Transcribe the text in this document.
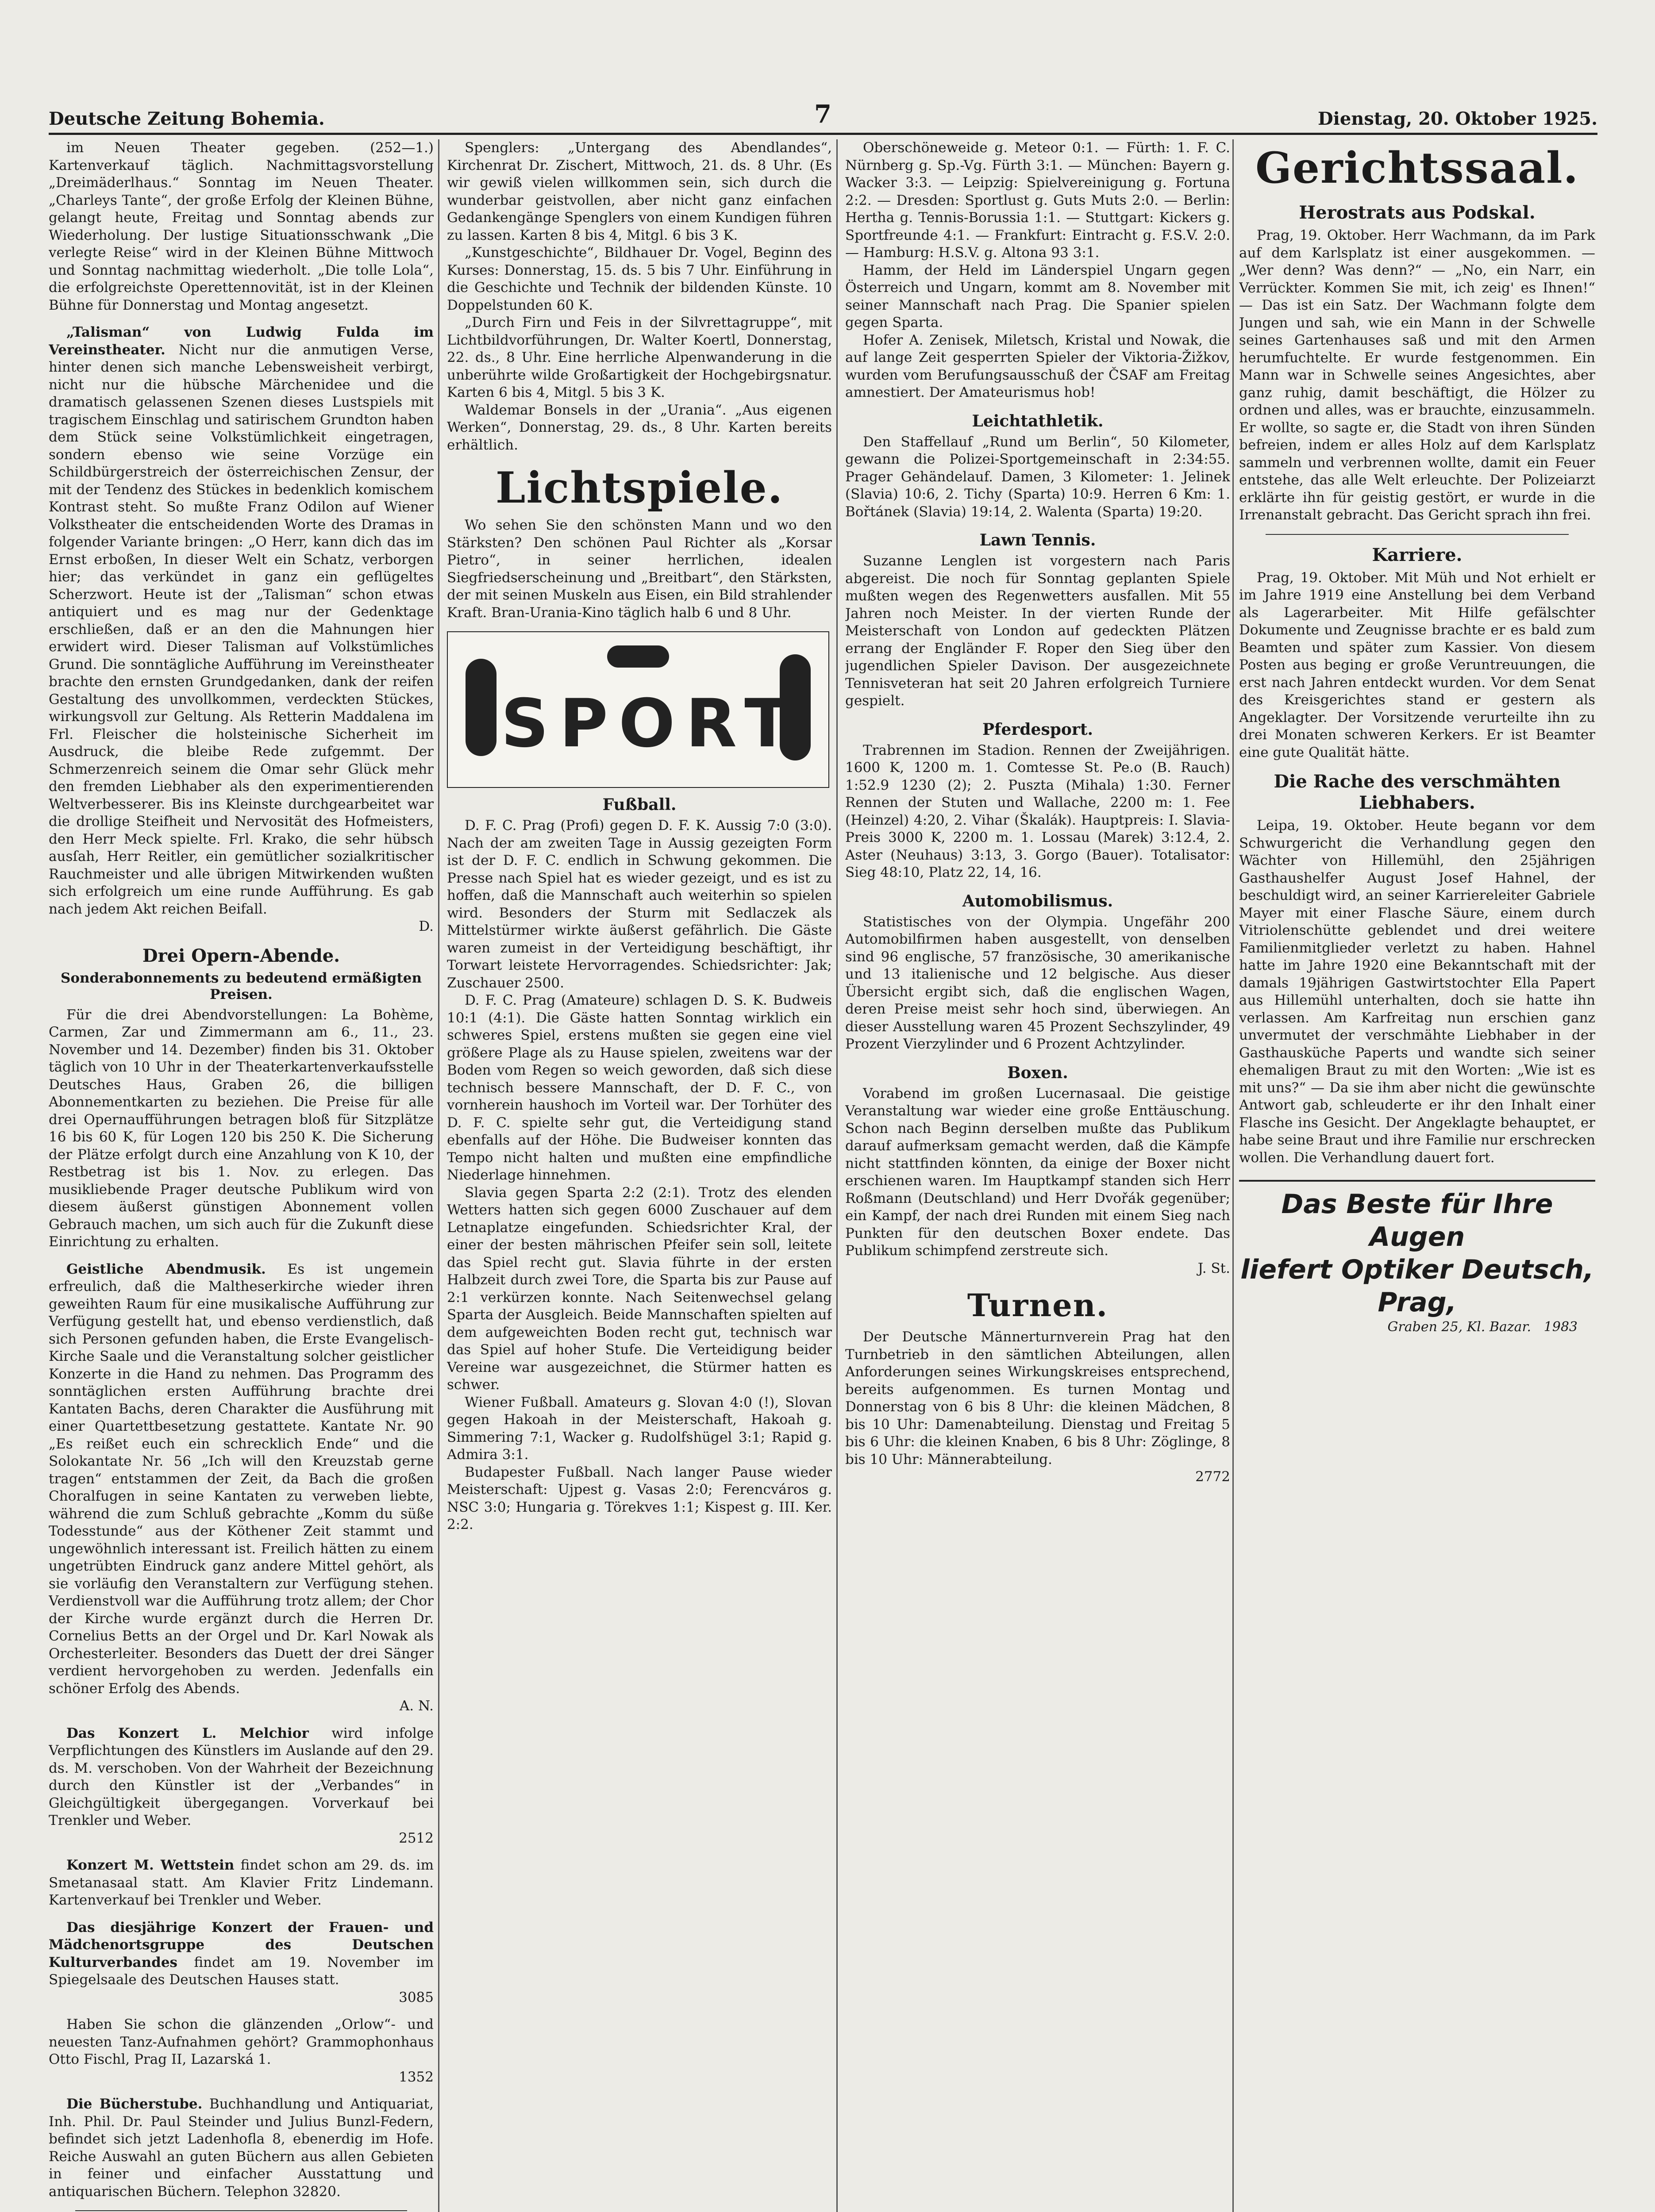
Deutsche Zeitung Bohemia.	7	Dienstag, 20. Oktober 1925.

im Neuen Theater gegeben. (252—1.) Kartenverkauf täglich. Nachmittagsvorstellung „Dreimäderlhaus.“ Sonntag im Neuen Theater. „Charleys Tante“, der große Erfolg der Kleinen Bühne, gelangt heute, Freitag und Sonntag abends zur Wiederholung. Der lustige Situationsschwank „Die verlegte Reise“ wird in der Kleinen Bühne Mittwoch und Sonntag nachmittag wiederholt. „Die tolle Lola“, die erfolgreichste Operettennovität, ist in der Kleinen Bühne für Donnerstag und Montag angesetzt.

„Talisman“ von Ludwig Fulda im Vereinstheater. Nicht nur die anmutigen Verse, hinter denen sich manche Lebensweisheit verbirgt, nicht nur die hübsche Märchenidee und die dramatisch gelassenen Szenen dieses Lustspiels mit tragischem Einschlag und satirischem Grundton haben dem Stück seine Volkstümlichkeit eingetragen, sondern ebenso wie seine Vorzüge ein Schildbürgerstreich der österreichischen Zensur, der mit der Tendenz des Stückes in bedenklich komischem Kontrast steht. So mußte Franz Odilon auf Wiener Volkstheater die entscheidenden Worte des Dramas in folgender Variante bringen: „O Herr, kann dich das im Ernst erboßen, In dieser Welt ein Schatz, verborgen hier; das verkündet in ganz ein geflügeltes Scherzwort. Heute ist der „Talisman“ schon etwas antiquiert und es mag nur der Gedenktage erschließen, daß er an den die Mahnungen hier erwidert wird. Dieser Talisman auf Volkstümliches Grund. Die sonntägliche Aufführung im Vereinstheater brachte den ernsten Grundgedanken, dank der reifen Gestaltung des unvollkommen, verdeckten Stückes, wirkungsvoll zur Geltung. Als Retterin Maddalena im Frl. Fleischer die holsteinische Sicherheit im Ausdruck, die bleibe Rede zufgemmt. Der Schmerzenreich seinem die Omar sehr Glück mehr den fremden Liebhaber als den experimentierenden Weltverbesserer. Bis ins Kleinste durchgearbeitet war die drollige Steifheit und Nervosität des Hofmeisters, den Herr Meck spielte. Frl. Krako, die sehr hübsch ausſah, Herr Reitler, ein gemütlicher sozialkritischer Rauchmeister und alle übrigen Mitwirkenden wußten sich erfolgreich um eine runde Aufführung. Es gab nach jedem Akt reichen Beifall.

D.

Drei Opern-Abende.
Sonderabonnements zu bedeutend ermäßigten Preisen.

Für die drei Abendvorstellungen: La Bohème, Carmen, Zar und Zimmermann am 6., 11., 23. November und 14. Dezember) finden bis 31. Oktober täglich von 10 Uhr in der Theaterkartenverkaufsstelle Deutsches Haus, Graben 26, die billigen Abonnementkarten zu beziehen. Die Preise für alle drei Opernaufführungen betragen bloß für Sitzplätze 16 bis 60 K, für Logen 120 bis 250 K. Die Sicherung der Plätze erfolgt durch eine Anzahlung von K 10, der Restbetrag ist bis 1. Nov. zu erlegen. Das musikliebende Prager deutsche Publikum wird von diesem äußerst günstigen Abonnement vollen Gebrauch machen, um sich auch für die Zukunft diese Einrichtung zu erhalten.

Geistliche Abendmusik. Es ist ungemein erfreulich, daß die Maltheserkirche wieder ihren geweihten Raum für eine musikalische Aufführung zur Verfügung gestellt hat, und ebenso verdienstlich, daß sich Personen gefunden haben, die Erste Evangelisch-Kirche Saale und die Veranstaltung solcher geistlicher Konzerte in die Hand zu nehmen. Das Programm des sonntäglichen ersten Aufführung brachte drei Kantaten Bachs, deren Charakter die Ausführung mit einer Quartettbesetzung gestattete. Kantate Nr. 90 „Es reißet euch ein schrecklich Ende“ und die Solokantate Nr. 56 „Ich will den Kreuzstab gerne tragen“ entstammen der Zeit, da Bach die großen Choralfugen in seine Kantaten zu verweben liebte, während die zum Schluß gebrachte „Komm du süße Todesstunde“ aus der Köthener Zeit stammt und ungewöhnlich interessant ist. Freilich hätten zu einem ungetrübten Eindruck ganz andere Mittel gehört, als sie vorläufig den Veranstaltern zur Verfügung stehen. Verdienstvoll war die Aufführung trotz allem; der Chor der Kirche wurde ergänzt durch die Herren Dr. Cornelius Betts an der Orgel und Dr. Karl Nowak als Orchesterleiter. Besonders das Duett der drei Sänger verdient hervorgehoben zu werden. Jedenfalls ein schöner Erfolg des Abends.

A. N.

Das Konzert L. Melchior wird infolge Verpflichtungen des Künstlers im Auslande auf den 29. ds. M. verschoben. Von der Wahrheit der Bezeichnung durch den Künstler ist der „Verbandes“ in Gleichgültigkeit übergegangen. Vorverkauf bei Trenkler und Weber.

2512

Konzert M. Wettstein findet schon am 29. ds. im Smetanasaal statt. Am Klavier Fritz Lindemann. Kartenverkauf bei Trenkler und Weber.

Das diesjährige Konzert der Frauen- und Mädchenortsgruppe des Deutschen Kulturverbandes findet am 19. November im Spiegelsaale des Deutschen Hauses statt.

3085

Haben Sie schon die glänzenden „Orlow“- und neuesten Tanz-Aufnahmen gehört? Grammophonhaus Otto Fischl, Prag II, Lazarská 1.

1352

Die Bücherstube. Buchhandlung und Antiquariat, Inh. Phil. Dr. Paul Steinder und Julius Bunzl-Federn, befindet sich jetzt Ladenhofla 8, ebenerdig im Hofe. Reiche Auswahl an guten Büchern aus allen Gebieten in feiner und einfacher Ausstattung und antiquarischen Büchern. Telephon 32820.

Spenglers: „Untergang des Abendlandes“, Kirchenrat Dr. Zischert, Mittwoch, 21. ds. 8 Uhr. (Es wir gewiß vielen willkommen sein, sich durch die wunderbar geistvollen, aber nicht ganz einfachen Gedankengänge Spenglers von einem Kundigen führen zu lassen. Karten 8 bis 4, Mitgl. 6 bis 3 K.

„Kunstgeschichte“, Bildhauer Dr. Vogel, Beginn des Kurses: Donnerstag, 15. ds. 5 bis 7 Uhr. Einführung in die Geschichte und Technik der bildenden Künste. 10 Doppelstunden 60 K.

„Durch Firn und Feis in der Silvrettagruppe“, mit Lichtbildvorführungen, Dr. Walter Koertl, Donnerstag, 22. ds., 8 Uhr. Eine herrliche Alpenwanderung in die unberührte wilde Großartigkeit der Hochgebirgsnatur. Karten 6 bis 4, Mitgl. 5 bis 3 K.

Waldemar Bonsels in der „Urania“. „Aus eigenen Werken“, Donnerstag, 29. ds., 8 Uhr. Karten bereits erhältlich.

Lichtspiele.

Wo sehen Sie den schönsten Mann und wo den Stärksten? Den schönen Paul Richter als „Korsar Pietro“, in seiner herrlichen, idealen Siegfriedserscheinung und „Breitbart“, den Stärksten, der mit seinen Muskeln aus Eisen, ein Bild strahlender Kraft. Bran-Urania-Kino täglich halb 6 und 8 Uhr.

SPORT
Fußball.

D. F. C. Prag (Profi) gegen D. F. K. Aussig 7:0 (3:0). Nach der am zweiten Tage in Aussig gezeigten Form ist der D. F. C. endlich in Schwung gekommen. Die Presse nach Spiel hat es wieder gezeigt, und es ist zu hoffen, daß die Mannschaft auch weiterhin so spielen wird. Besonders der Sturm mit Sedlaczek als Mittelstürmer wirkte äußerst gefährlich. Die Gäste waren zumeist in der Verteidigung beschäftigt, ihr Torwart leistete Hervorragendes. Schiedsrichter: Jak; Zuschauer 2500.

D. F. C. Prag (Amateure) schlagen D. S. K. Budweis 10:1 (4:1). Die Gäste hatten Sonntag wirklich ein schweres Spiel, erstens mußten sie gegen eine viel größere Plage als zu Hause spielen, zweitens war der Boden vom Regen so weich geworden, daß sich diese technisch bessere Mannschaft, der D. F. C., von vornherein haushoch im Vorteil war. Der Torhüter des D. F. C. spielte sehr gut, die Verteidigung stand ebenfalls auf der Höhe. Die Budweiser konnten das Tempo nicht halten und mußten eine empfindliche Niederlage hinnehmen.

Slavia gegen Sparta 2:2 (2:1). Trotz des elenden Wetters hatten sich gegen 6000 Zuschauer auf dem Letnaplatze eingefunden. Schiedsrichter Kral, der einer der besten mährischen Pfeifer sein soll, leitete das Spiel recht gut. Slavia führte in der ersten Halbzeit durch zwei Tore, die Sparta bis zur Pause auf 2:1 verkürzen konnte. Nach Seitenwechsel gelang Sparta der Ausgleich. Beide Mannschaften spielten auf dem aufgeweichten Boden recht gut, technisch war das Spiel auf hoher Stufe. Die Verteidigung beider Vereine war ausgezeichnet, die Stürmer hatten es schwer.

Wiener Fußball. Amateurs g. Slovan 4:0 (!), Slovan gegen Hakoah in der Meisterschaft, Hakoah g. Simmering 7:1, Wacker g. Rudolfshügel 3:1; Rapid g. Admira 3:1.

Budapester Fußball. Nach langer Pause wieder Meisterschaft: Ujpest g. Vasas 2:0; Ferencváros g. NSC 3:0; Hungaria g. Törekves 1:1; Kispest g. III. Ker. 2:2.

Oberschöneweide g. Meteor 0:1. — Fürth: 1. F. C. Nürnberg g. Sp.-Vg. Fürth 3:1. — München: Bayern g. Wacker 3:3. — Leipzig: Spielvereinigung g. Fortuna 2:2. — Dresden: Sportlust g. Guts Muts 2:0. — Berlin: Hertha g. Tennis-Borussia 1:1. — Stuttgart: Kickers g. Sportfreunde 4:1. — Frankfurt: Eintracht g. F.S.V. 2:0. — Hamburg: H.S.V. g. Altona 93 3:1.

Hamm, der Held im Länderspiel Ungarn gegen Österreich und Ungarn, kommt am 8. November mit seiner Mannschaft nach Prag. Die Spanier spielen gegen Sparta.

Hofer A. Zenisek, Miletsch, Kristal und Nowak, die auf lange Zeit gesperrten Spieler der Viktoria-Žižkov, wurden vom Berufungsausschuß der ČSAF am Freitag amnestiert. Der Amateurismus hob!

Leichtathletik.

Den Staffellauf „Rund um Berlin“, 50 Kilometer, gewann die Polizei-Sportgemeinschaft in 2:34:55. Prager Gehändelauf. Damen, 3 Kilometer: 1. Jelinek (Slavia) 10:6, 2. Tichy (Sparta) 10:9. Herren 6 Km: 1. Bořtánek (Slavia) 19:14, 2. Walenta (Sparta) 19:20.

Lawn Tennis.

Suzanne Lenglen ist vorgestern nach Paris abgereist. Die noch für Sonntag geplanten Spiele mußten wegen des Regenwetters ausfallen. Mit 55 Jahren noch Meister. In der vierten Runde der Meisterschaft von London auf gedeckten Plätzen errang der Engländer F. Roper den Sieg über den jugendlichen Spieler Davison. Der ausgezeichnete Tennisveteran hat seit 20 Jahren erfolgreich Turniere gespielt.

Pferdesport.

Trabrennen im Stadion. Rennen der Zweijährigen. 1600 K, 1200 m. 1. Comtesse St. Pe.o (B. Rauch) 1:52.9 1230 (2); 2. Puszta (Mihala) 1:30. Ferner Rennen der Stuten und Wallache, 2200 m: 1. Fee (Heinzel) 4:20, 2. Vihar (Škalák). Hauptpreis: I. Slavia-Preis 3000 K, 2200 m. 1. Lossau (Marek) 3:12.4, 2. Aster (Neuhaus) 3:13, 3. Gorgo (Bauer). Totalisator: Sieg 48:10, Platz 22, 14, 16.

Automobilismus.

Statistisches von der Olympia. Ungefähr 200 Automobilfirmen haben ausgestellt, von denselben sind 96 englische, 57 französische, 30 amerikanische und 13 italienische und 12 belgische. Aus dieser Übersicht ergibt sich, daß die englischen Wagen, deren Preise meist sehr hoch sind, überwiegen. An dieser Ausstellung waren 45 Prozent Sechszylinder, 49 Prozent Vierzylinder und 6 Prozent Achtzylinder.

Boxen.

Vorabend im großen Lucernasaal. Die geistige Veranstaltung war wieder eine große Enttäuschung. Schon nach Beginn derselben mußte das Publikum darauf aufmerksam gemacht werden, daß die Kämpfe nicht stattfinden könnten, da einige der Boxer nicht erschienen waren. Im Hauptkampf standen sich Herr Roßmann (Deutschland) und Herr Dvořák gegenüber; ein Kampf, der nach drei Runden mit einem Sieg nach Punkten für den deutschen Boxer endete. Das Publikum schimpfend zerstreute sich.

J. St.

Turnen.

Der Deutsche Männerturnverein Prag hat den Turnbetrieb in den sämtlichen Abteilungen, allen Anforderungen seines Wirkungskreises entsprechend, bereits aufgenommen. Es turnen Montag und Donnerstag von 6 bis 8 Uhr: die kleinen Mädchen, 8 bis 10 Uhr: Damenabteilung. Dienstag und Freitag 5 bis 6 Uhr: die kleinen Knaben, 6 bis 8 Uhr: Zöglinge, 8 bis 10 Uhr: Männerabteilung.

2772

Gerichtssaal.
Herostrats aus Podskal.

Prag, 19. Oktober. Herr Wachmann, da im Park auf dem Karlsplatz ist einer ausgekommen. — „Wer denn? Was denn?“ — „No, ein Narr, ein Verrückter. Kommen Sie mit, ich zeig' es Ihnen!“ — Das ist ein Satz. Der Wachmann folgte dem Jungen und sah, wie ein Mann in der Schwelle seines Gartenhauses saß und mit den Armen herumfuchtelte. Er wurde festgenommen. Ein Mann war in Schwelle seines Angesichtes, aber ganz ruhig, damit beschäftigt, die Hölzer zu ordnen und alles, was er brauchte, einzusammeln. Er wollte, so sagte er, die Stadt von ihren Sünden befreien, indem er alles Holz auf dem Karlsplatz sammeln und verbrennen wollte, damit ein Feuer entstehe, das alle Welt erleuchte. Der Polizeiarzt erklärte ihn für geistig gestört, er wurde in die Irrenanstalt gebracht. Das Gericht sprach ihn frei.

Karriere.

Prag, 19. Oktober. Mit Müh und Not erhielt er im Jahre 1919 eine Anstellung bei dem Verband als Lagerarbeiter. Mit Hilfe gefälschter Dokumente und Zeugnisse brachte er es bald zum Beamten und später zum Kassier. Von diesem Posten aus beging er große Veruntreuungen, die erst nach Jahren entdeckt wurden. Vor dem Senat des Kreisgerichtes stand er gestern als Angeklagter. Der Vorsitzende verurteilte ihn zu drei Monaten schweren Kerkers. Er ist Beamter eine gute Qualität hätte.

Die Rache des verschmähten Liebhabers.

Leipa, 19. Oktober. Heute begann vor dem Schwurgericht die Verhandlung gegen den Wächter von Hillemühl, den 25jährigen Gasthaushelfer August Josef Hahnel, der beschuldigt wird, an seiner Karriereleiter Gabriele Mayer mit einer Flasche Säure, einem durch Vitriolenschütte geblendet und drei weitere Familienmitglieder verletzt zu haben. Hahnel hatte im Jahre 1920 eine Bekanntschaft mit der damals 19jährigen Gastwirtstochter Ella Papert aus Hillemühl unterhalten, doch sie hatte ihn verlassen. Am Karfreitag nun erschien ganz unvermutet der verschmähte Liebhaber in der Gasthausküche Paperts und wandte sich seiner ehemaligen Braut zu mit den Worten: „Wie ist es mit uns?“ — Da sie ihm aber nicht die gewünschte Antwort gab, schleuderte er ihr den Inhalt einer Flasche ins Gesicht. Der Angeklagte behauptet, er habe seine Braut und ihre Familie nur erschrecken wollen. Die Verhandlung dauert fort.

Das Beste für Ihre Augen
liefert Optiker Deutsch, Prag,
Graben 25, Kl. Bazar. 1983
